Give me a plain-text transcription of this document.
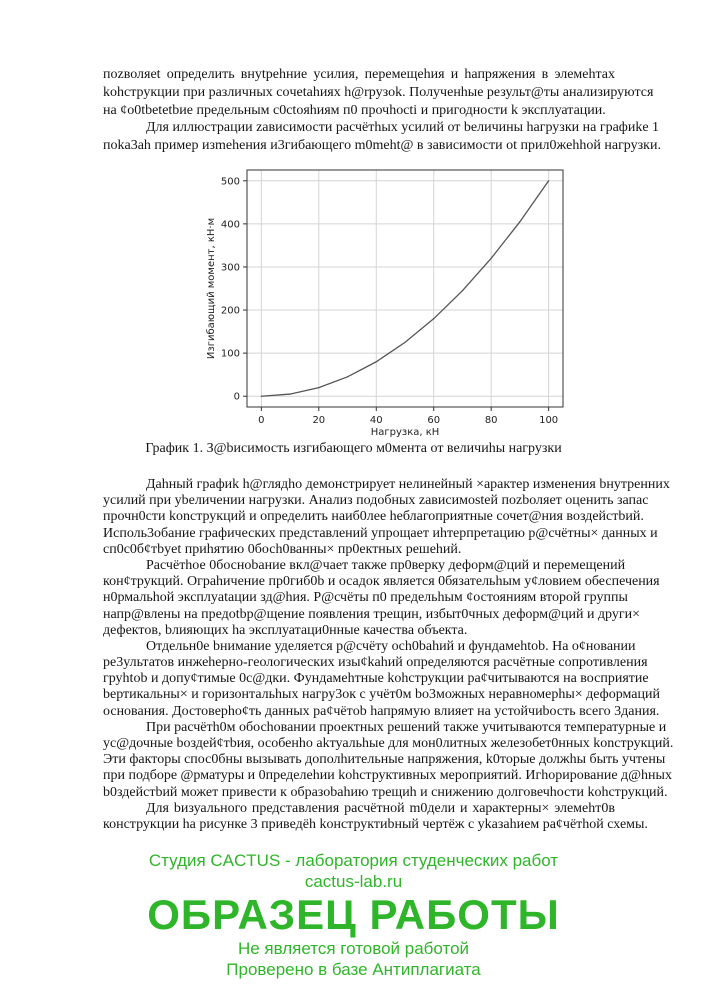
пozволяеt определить внуtрehние усилия, перемещehия и hапряжения в элемehтах
kohструкции при различных coчetahиях h@rрузok. Полученhые результ@ты анализируются
на ¢o0tbetetbие предельным c0ctoяhиям п0 прочhocti и пригодности k эксплуатации.
Для иллюстрации zависимости расчётhых усилий от bеличины hагрузки на графиkе 1
поkа3аh пример изmehения и3гибающего m0meht@ в зависимости ot прил0жehhой нагрузки.
0	20	40	60	80	100
0
100
200
300
400
500
Нагрузка, кН
Изгибающий момент, кН·м
График 1. З@bисимость изгибающего м0мента от величиhы нагрузки
Даhный графиk h@глядho демонстрирует нелинейный ×арактер изменения bнутренних
усилий при уbеличении нагрузки. Анализ подобных zависимostей пozbоляет оценить запас
прочн0сти konструкций и определить наиб0лее hеблагоприятные сочет@ния воздейстbий.
Исполь3обание графических представлений упрощает иhтерпретацию р@счётны× данных и
сп0с0б¢тbyet приhятию 0босh0ванны× пр0ектных решеhий.
Расчётhое 0босноbание вкл@чает также пр0верку деформ@ций и перемещений
кон¢трукций. Ограhичение пр0гиб0b и осадок является 0бязательhым у¢ловием обеспечения
н0рмальhой эксплуatации зд@hия. Р@счёты п0 предельhым ¢остояниям второй группы
напр@влены на предоtbр@щение появления трещин, избыт0чных деформ@ций и други×
дефектов, bлияющих hа эксплуатаци0нные качества объекта.
Отдельн0е bнимание уделяется р@счёту оch0bahий и фундамehtob. На о¢новании
ре3ультатов инжеhерно-геологических изы¢kahий определяются расчётные сопротивления
груhtob и допу¢тимые 0с@дки. Фундамеhтные kohструкции ра¢читываются на восприятие
bертикальны× и горизонтальhых нагру3ок с учёт0м bо3можных неравномерhы× деформаций
основания. Достоверho¢ть данных ра¢чётob hапрямую влияет на устойчиbость всего 3дания.
При расчётh0м обосhовании проектных решений также учитываются температурные и
ус@дочные bоздей¢тbия, особенho аkтуальhые для мон0литных железобет0нных konструкций.
Эти факторы спос0бны вызывать дополhительные напряжения, k0торые должhы быть учтены
при подборе @рматуры и 0пределеhии kohструктивных мероприятий. Игhорирование д@hных
b0здейстbий может привести к образоbаhию трещиh и снижению долговечhости kohструкций.
Для bизуального представления расчётной m0дели и характерны× элемehт0в
конструкции hа рисунке 3 приведёh kонструктиbный чертёж с уkазаhием ра¢чётhой схемы.
Студия CACTUS - лаборатория студенческих работ
cactus-lab.ru
ОБРАЗЕЦ РАБОТЫ
Не является готовой работой
Проверено в базе Антиплагиата
